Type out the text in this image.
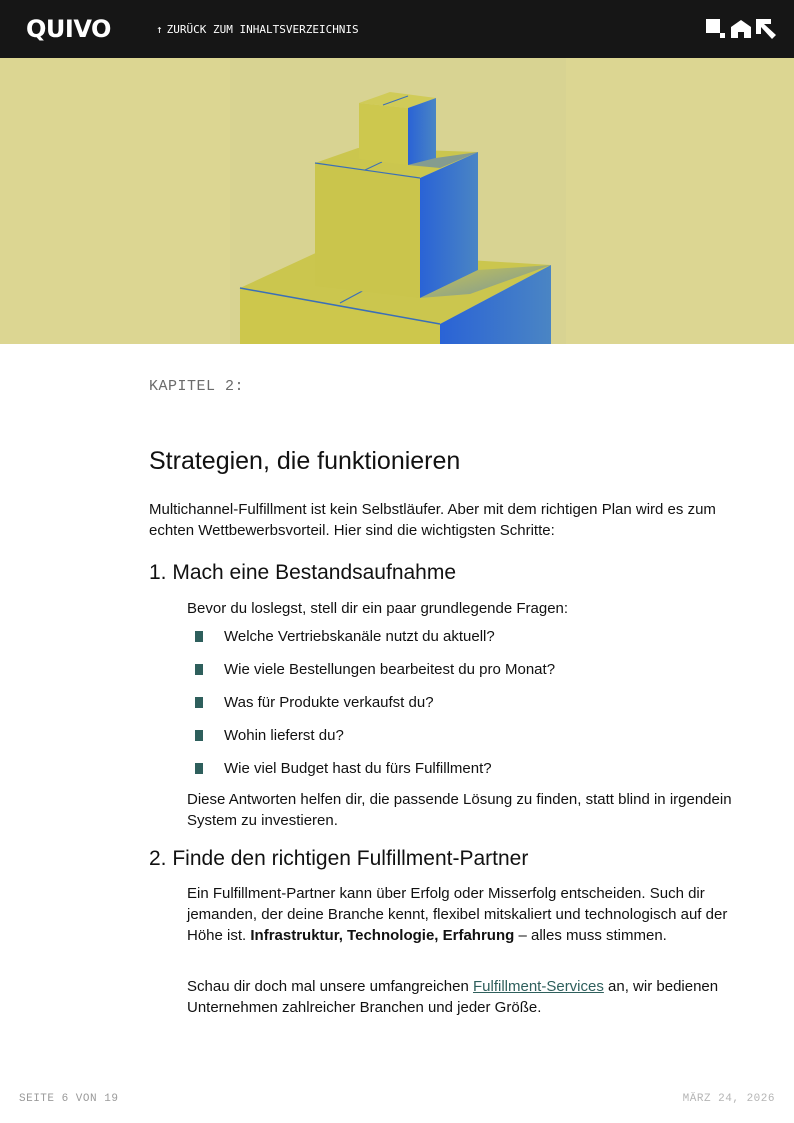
QUIVO	↑ ZURÜCK ZUM INHALTSVERZEICHNIS
KAPITEL 2:
Strategien, die funktionieren

Multichannel-Fulfillment ist kein Selbstläufer. Aber mit dem richtigen Plan wird es zum echten Wettbewerbsvorteil. Hier sind die wichtigsten Schritte:

1. Mach eine Bestandsaufnahme

Bevor du loslegst, stell dir ein paar grundlegende Fragen:

Welche Vertriebskanäle nutzt du aktuell?
Wie viele Bestellungen bearbeitest du pro Monat?
Was für Produkte verkaufst du?
Wohin lieferst du?
Wie viel Budget hast du fürs Fulfillment?

Diese Antworten helfen dir, die passende Lösung zu finden, statt blind in irgendein System zu investieren.

2. Finde den richtigen Fulfillment-Partner

Ein Fulfillment-Partner kann über Erfolg oder Misserfolg entscheiden. Such dir jemanden, der deine Branche kennt, flexibel mitskaliert und technologisch auf der Höhe ist. Infrastruktur, Technologie, Erfahrung – alles muss stimmen.

Schau dir doch mal unsere umfangreichen Fulfillment-Services an, wir bedienen Unternehmen zahlreicher Branchen und jeder Größe.

SEITE 6 VON 19	MÄRZ 24, 2026
